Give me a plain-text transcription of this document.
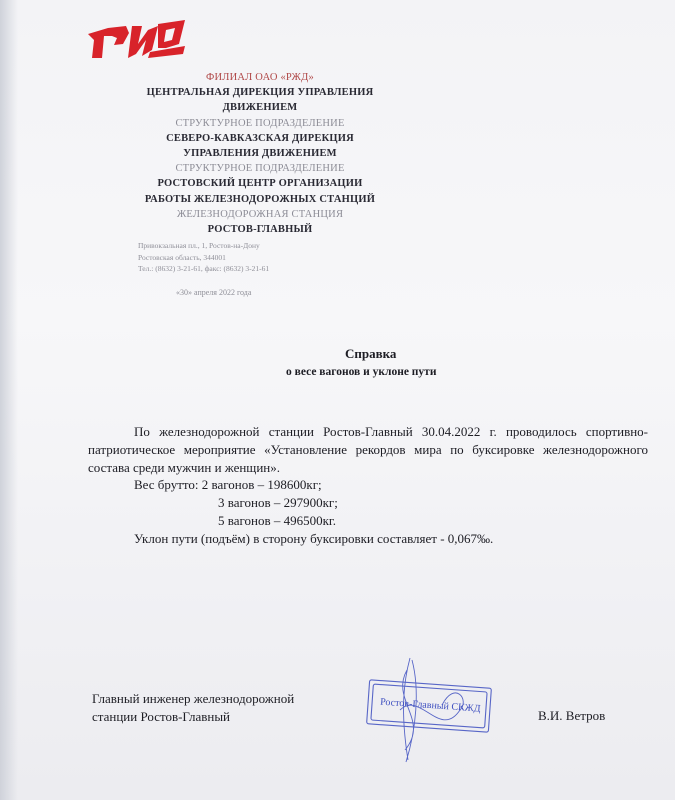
ФИЛИАЛ ОАО «РЖД»
ЦЕНТРАЛЬНАЯ ДИРЕКЦИЯ УПРАВЛЕНИЯ
ДВИЖЕНИЕМ
СТРУКТУРНОЕ ПОДРАЗДЕЛЕНИЕ
СЕВЕРО-КАВКАЗСКАЯ ДИРЕКЦИЯ
УПРАВЛЕНИЯ ДВИЖЕНИЕМ
СТРУКТУРНОЕ ПОДРАЗДЕЛЕНИЕ
РОСТОВСКИЙ ЦЕНТР ОРГАНИЗАЦИИ
РАБОТЫ ЖЕЛЕЗНОДОРОЖНЫХ СТАНЦИЙ
ЖЕЛЕЗНОДОРОЖНАЯ СТАНЦИЯ
РОСТОВ-ГЛАВНЫЙ
Привокзальная пл., 1, Ростов-на-Дону
Ростовская область, 344001
Тел.: (8632) 3-21-61, факс: (8632) 3-21-61
«30» апреля 2022 года
Справка
о весе вагонов и уклоне пути
По железнодорожной станции Ростов-Главный 30.04.2022 г. проводилось спортивно-патриотическое мероприятие «Установление рекордов мира по буксировке железнодорожного состава среди мужчин и женщин».
Вес брутто: 2 вагонов – 198600кг;
3 вагонов – 297900кг;
5 вагонов – 496500кг.
Уклон пути (подъём) в сторону буксировки составляет - 0,067‰.
Главный инженер железнодорожной
станции Ростов-Главный
Ростов-Главный СКЖД
В.И. Ветров
